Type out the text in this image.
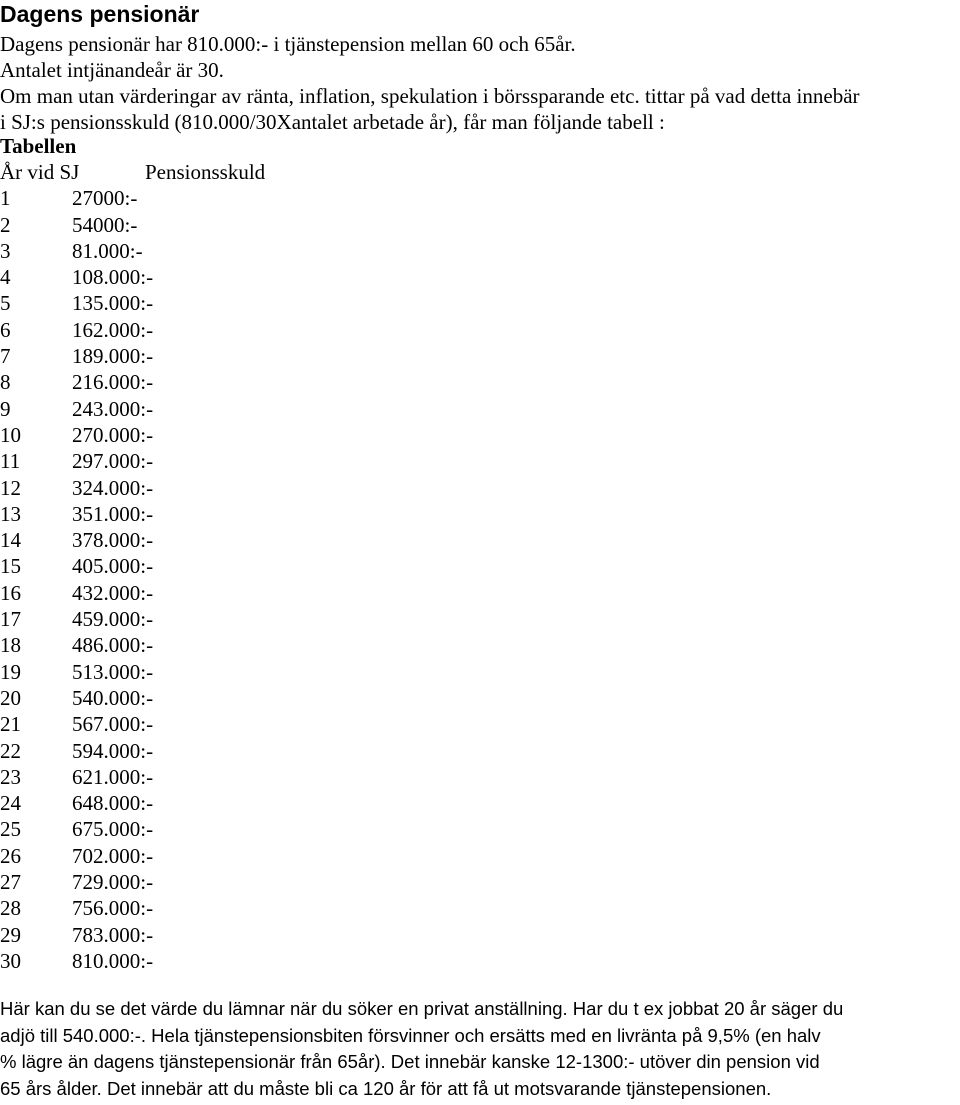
Dagens pensionär
Dagens pensionär har 810.000:- i tjänstepension mellan 60 och 65år.
Antalet intjänandeår är 30.
Om man utan värderingar av ränta, inflation, spekulation i börssparande etc. tittar på vad detta innebär
i SJ:s pensionsskuld (810.000/30Xantalet arbetade år), får man följande tabell :
Tabellen
År vid SJ	Pensionsskuld
1	27000:-
2	54000:-
3	81.000:-
4	108.000:-
5	135.000:-
6	162.000:-
7	189.000:-
8	216.000:-
9	243.000:-
10 270.000:-
11 297.000:-
12 324.000:-
13 351.000:-
14 378.000:-
15 405.000:-
16 432.000:-
17 459.000:-
18 486.000:-
19 513.000:-
20 540.000:-
21 567.000:-
22 594.000:-
23 621.000:-
24 648.000:-
25 675.000:-
26 702.000:-
27 729.000:-
28 756.000:-
29 783.000:-
30 810.000:-
Här kan du se det värde du lämnar när du söker en privat anställning. Har du t ex jobbat 20 år säger du
adjö till 540.000:-. Hela tjänstepensionsbiten försvinner och ersätts med en livränta på 9,5% (en halv
% lägre än dagens tjänstepensionär från 65år). Det innebär kanske 12-1300:- utöver din pension vid
65 års ålder. Det innebär att du måste bli ca 120 år för att få ut motsvarande tjänstepensionen.
